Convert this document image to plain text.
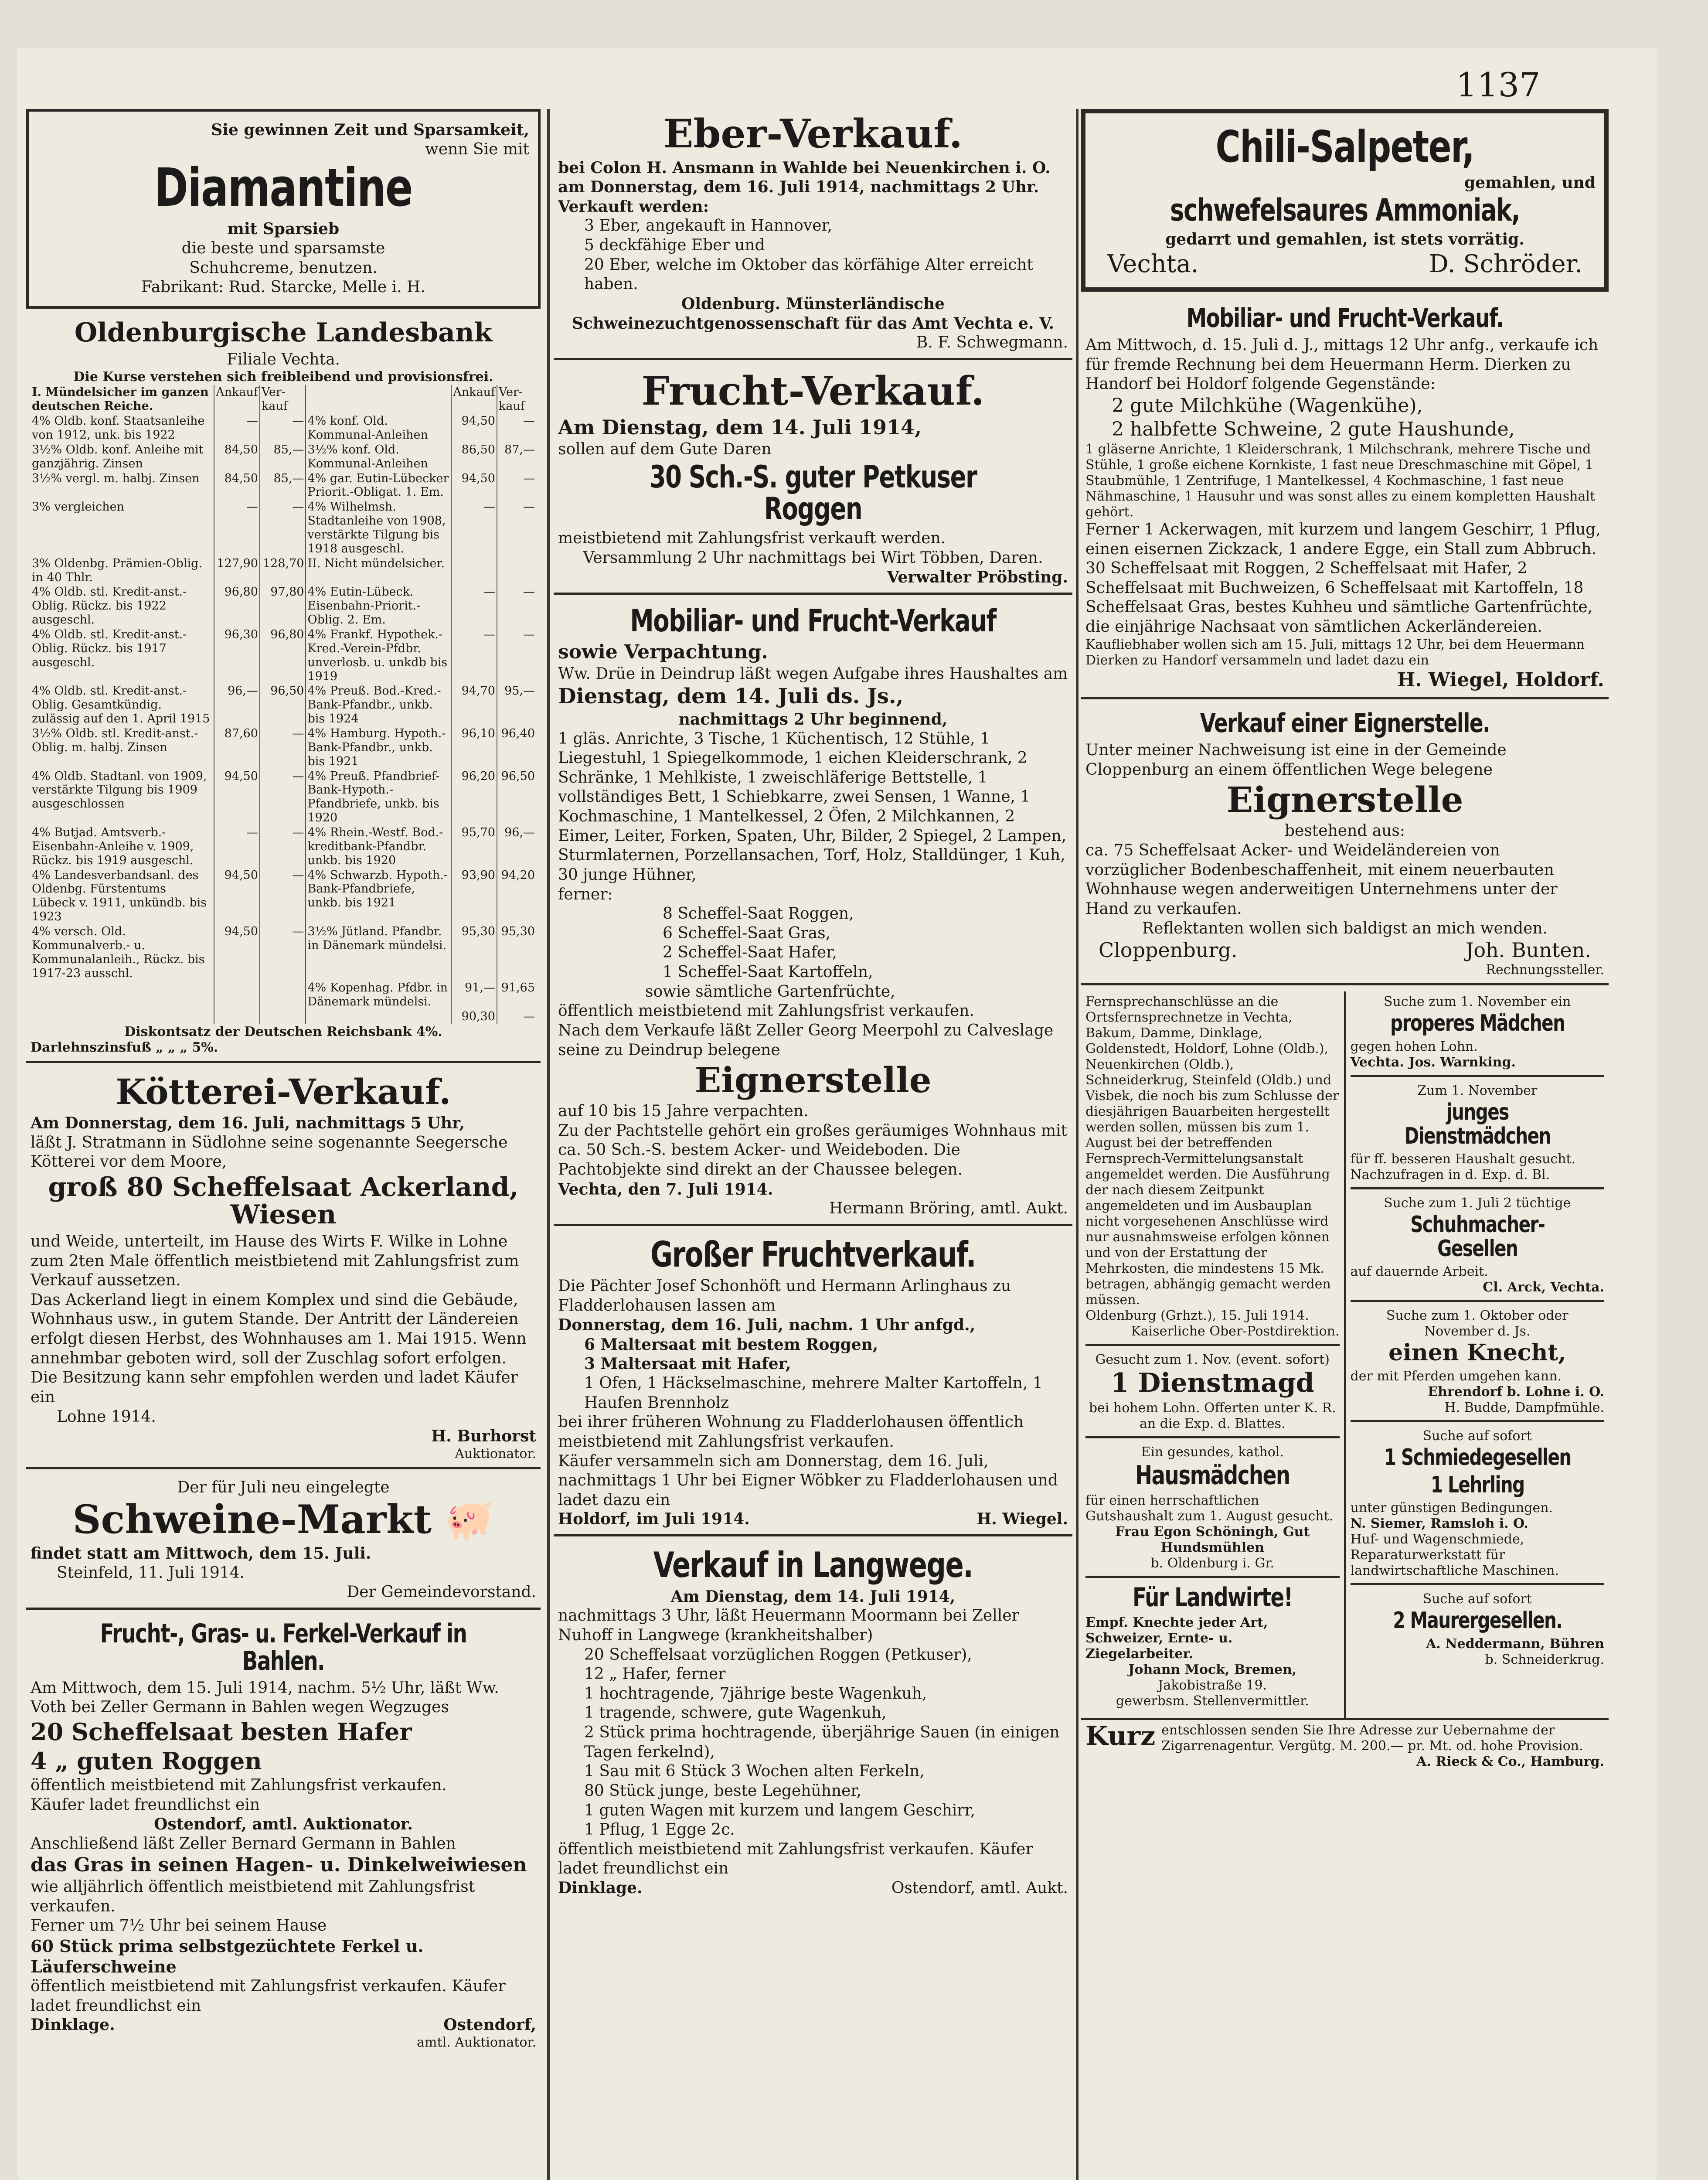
1137

Sie gewinnen Zeit und Sparsamkeit,

wenn Sie mit

Diamantine

mit Sparsieb

die beste und sparsamste

Schuhcreme, benutzen.

Fabrikant: Rud. Starcke, Melle i. H.

Oldenburgische Landesbank

Filiale Vechta.

Die Kurse verstehen sich freibleibend und provisionsfrei.

I. Mündelsicher im ganzen deutschen Reiche.	Ankauf	Ver-kauf		Ankauf	Ver-kauf
4% Oldb. konf. Staatsanleihe von 1912, unk. bis 1922	—	—	4% konf. Old. Kommunal-Anleihen	94,50	—
3½% Oldb. konf. Anleihe mit ganzjährig. Zinsen	84,50	85,—	3½% konf. Old. Kommunal-Anleihen	86,50	87,—
3½% vergl. m. halbj. Zinsen	84,50	85,—	4% gar. Eutin-Lübecker Priorit.-Obligat. 1. Em.	94,50	—
3% vergleichen	—	—	4% Wilhelmsh. Stadtanleihe von 1908, verstärkte Tilgung bis 1918 ausgeschl.	—	—
3% Oldenbg. Prämien-Oblig. in 40 Thlr.	127,90	128,70	II. Nicht mündelsicher.		
4% Oldb. stl. Kredit-anst.-Oblig. Rückz. bis 1922 ausgeschl.	96,80	97,80	4% Eutin-Lübeck. Eisenbahn-Priorit.-Oblig. 2. Em.	—	—
4% Oldb. stl. Kredit-anst.-Oblig. Rückz. bis 1917 ausgeschl.	96,30	96,80	4% Frankf. Hypothek.-Kred.-Verein-Pfdbr. unverlosb. u. unkdb bis 1919	—	—
4% Oldb. stl. Kredit-anst.-Oblig. Gesamtkündig. zulässig auf den 1. April 1915	96,—	96,50	4% Preuß. Bod.-Kred.-Bank-Pfandbr., unkb. bis 1924	94,70	95,—
3½% Oldb. stl. Kredit-anst.-Oblig. m. halbj. Zinsen	87,60	—	4% Hamburg. Hypoth.-Bank-Pfandbr., unkb. bis 1921	96,10	96,40
4% Oldb. Stadtanl. von 1909, verstärkte Tilgung bis 1909 ausgeschlossen	94,50	—	4% Preuß. Pfandbrief-Bank-Hypoth.-Pfandbriefe, unkb. bis 1920	96,20	96,50
4% Butjad. Amtsverb.-Eisenbahn-Anleihe v. 1909, Rückz. bis 1919 ausgeschl.	—	—	4% Rhein.-Westf. Bod.-kreditbank-Pfandbr. unkb. bis 1920	95,70	96,—
4% Landesverbandsanl. des Oldenbg. Fürstentums Lübeck v. 1911, unkündb. bis 1923	94,50	—	4% Schwarzb. Hypoth.-Bank-Pfandbriefe, unkb. bis 1921	93,90	94,20
4% versch. Old. Kommunalverb.- u. Kommunalanleih., Rückz. bis 1917-23 ausschl.	94,50	—	3½% Jütland. Pfandbr. in Dänemark mündelsi.	95,30	95,30
			4% Kopenhag. Pfdbr. in Dänemark mündelsi.	91,—	91,65
				90,30	—

Diskontsatz der Deutschen Reichsbank 4%.

Darlehnszinsfuß „ „ „ 5%.

Kötterei-Verkauf.

Am Donnerstag, dem 16. Juli, nachmittags 5 Uhr,

läßt J. Stratmann in Südlohne seine sogenannte Seegersche Kötterei vor dem Moore,

groß 80 Scheffelsaat Ackerland, Wiesen

und Weide, unterteilt, im Hause des Wirts F. Wilke in Lohne zum 2ten Male öffentlich meistbietend mit Zahlungsfrist zum Verkauf aussetzen.

Das Ackerland liegt in einem Komplex und sind die Gebäude, Wohnhaus usw., in gutem Stande. Der Antritt der Ländereien erfolgt diesen Herbst, des Wohnhauses am 1. Mai 1915. Wenn annehmbar geboten wird, soll der Zuschlag sofort erfolgen. Die Besitzung kann sehr empfohlen werden und ladet Käufer ein

Lohne 1914.

H. Burhorst

Auktionator.

Der für Juli neu eingelegte

Schweine-Markt 🐖

findet statt am Mittwoch, dem 15. Juli.

Steinfeld, 11. Juli 1914.

Der Gemeindevorstand.

Frucht-, Gras- u. Ferkel-Verkauf in Bahlen.

Am Mittwoch, dem 15. Juli 1914, nachm. 5½ Uhr, läßt Ww. Voth bei Zeller Germann in Bahlen wegen Wegzuges

20 Scheffelsaat besten Hafer

4 „ guten Roggen

öffentlich meistbietend mit Zahlungsfrist verkaufen.

Käufer ladet freundlichst ein

Ostendorf, amtl. Auktionator.

Anschließend läßt Zeller Bernard Germann in Bahlen

das Gras in seinen Hagen- u. Dinkelweiwiesen

wie alljährlich öffentlich meistbietend mit Zahlungsfrist verkaufen.

Ferner um 7½ Uhr bei seinem Hause

60 Stück prima selbstgezüchtete Ferkel u. Läuferschweine

öffentlich meistbietend mit Zahlungsfrist verkaufen. Käufer ladet freundlichst ein

Dinklage.	Ostendorf,

amtl. Auktionator.

Eber-Verkauf.

bei Colon H. Ansmann in Wahlde bei Neuenkirchen i. O. am Donnerstag, dem 16. Juli 1914, nachmittags 2 Uhr. Verkauft werden:

3 Eber, angekauft in Hannover,

5 deckfähige Eber und

20 Eber, welche im Oktober das körfähige Alter erreicht haben.

Oldenburg. Münsterländische Schweinezuchtgenossenschaft für das Amt Vechta e. V.

B. F. Schwegmann.

Frucht-Verkauf.

Am Dienstag, dem 14. Juli 1914,

sollen auf dem Gute Daren

30 Sch.-S. guter Petkuser Roggen

meistbietend mit Zahlungsfrist verkauft werden.

Versammlung 2 Uhr nachmittags bei Wirt Többen, Daren.

Verwalter Pröbsting.

Mobiliar- und Frucht-Verkauf

sowie Verpachtung.

Ww. Drüe in Deindrup läßt wegen Aufgabe ihres Haushaltes am

Dienstag, dem 14. Juli ds. Js.,

nachmittags 2 Uhr beginnend,

1 gläs. Anrichte, 3 Tische, 1 Küchentisch, 12 Stühle, 1 Liegestuhl, 1 Spiegelkommode, 1 eichen Kleiderschrank, 2 Schränke, 1 Mehlkiste, 1 zweischläferige Bettstelle, 1 vollständiges Bett, 1 Schiebkarre, zwei Sensen, 1 Wanne, 1 Kochmaschine, 1 Mantelkessel, 2 Öfen, 2 Milchkannen, 2 Eimer, Leiter, Forken, Spaten, Uhr, Bilder, 2 Spiegel, 2 Lampen, Sturmlaternen, Porzellansachen, Torf, Holz, Stalldünger, 1 Kuh, 30 junge Hühner,

ferner:

8 Scheffel-Saat Roggen,

6 Scheffel-Saat Gras,

2 Scheffel-Saat Hafer,

1 Scheffel-Saat Kartoffeln,

sowie sämtliche Gartenfrüchte,

öffentlich meistbietend mit Zahlungsfrist verkaufen.

Nach dem Verkaufe läßt Zeller Georg Meerpohl zu Calveslage seine zu Deindrup belegene

Eignerstelle

auf 10 bis 15 Jahre verpachten.

Zu der Pachtstelle gehört ein großes geräumiges Wohnhaus mit ca. 50 Sch.-S. bestem Acker- und Weideboden. Die Pachtobjekte sind direkt an der Chaussee belegen.

Vechta, den 7. Juli 1914.

Hermann Bröring, amtl. Aukt.

Großer Fruchtverkauf.

Die Pächter Josef Schonhöft und Hermann Arlinghaus zu Fladderlohausen lassen am

Donnerstag, dem 16. Juli, nachm. 1 Uhr anfgd.,

6 Maltersaat mit bestem Roggen,

3 Maltersaat mit Hafer,

1 Ofen, 1 Häckselmaschine, mehrere Malter Kartoffeln, 1 Haufen Brennholz

bei ihrer früheren Wohnung zu Fladderlohausen öffentlich meistbietend mit Zahlungsfrist verkaufen.

Käufer versammeln sich am Donnerstag, dem 16. Juli, nachmittags 1 Uhr bei Eigner Wöbker zu Fladderlohausen und ladet dazu ein

Holdorf, im Juli 1914.	H. Wiegel.
Verkauf in Langwege.

Am Dienstag, dem 14. Juli 1914,

nachmittags 3 Uhr, läßt Heuermann Moormann bei Zeller Nuhoff in Langwege (krankheitshalber)

20 Scheffelsaat vorzüglichen Roggen (Petkuser),

12 „ Hafer, ferner

1 hochtragende, 7jährige beste Wagenkuh,

1 tragende, schwere, gute Wagenkuh,

2 Stück prima hochtragende, überjährige Sauen (in einigen Tagen ferkelnd),

1 Sau mit 6 Stück 3 Wochen alten Ferkeln,

80 Stück junge, beste Legehühner,

1 guten Wagen mit kurzem und langem Geschirr,

1 Pflug, 1 Egge 2c.

öffentlich meistbietend mit Zahlungsfrist verkaufen. Käufer ladet freundlichst ein

Dinklage.	Ostendorf, amtl. Aukt.
Chili-Salpeter,

gemahlen, und

schwefelsaures Ammoniak,

gedarrt und gemahlen, ist stets vorrätig.

Vechta.	D. Schröder.
Mobiliar- und Frucht-Verkauf.

Am Mittwoch, d. 15. Juli d. J., mittags 12 Uhr anfg., verkaufe ich für fremde Rechnung bei dem Heuermann Herm. Dierken zu Handorf bei Holdorf folgende Gegenstände:

2 gute Milchkühe (Wagenkühe),

2 halbfette Schweine, 2 gute Haushunde,

1 gläserne Anrichte, 1 Kleiderschrank, 1 Milchschrank, mehrere Tische und Stühle, 1 große eichene Kornkiste, 1 fast neue Dreschmaschine mit Göpel, 1 Staubmühle, 1 Zentrifuge, 1 Mantelkessel, 4 Kochmaschine, 1 fast neue Nähmaschine, 1 Hausuhr und was sonst alles zu einem kompletten Haushalt gehört.

Ferner 1 Ackerwagen, mit kurzem und langem Geschirr, 1 Pflug, einen eisernen Zickzack, 1 andere Egge, ein Stall zum Abbruch. 30 Scheffelsaat mit Roggen, 2 Scheffelsaat mit Hafer, 2 Scheffelsaat mit Buchweizen, 6 Scheffelsaat mit Kartoffeln, 18 Scheffelsaat Gras, bestes Kuhheu und sämtliche Gartenfrüchte, die einjährige Nachsaat von sämtlichen Ackerländereien.

Kaufliebhaber wollen sich am 15. Juli, mittags 12 Uhr, bei dem Heuermann Dierken zu Handorf versammeln und ladet dazu ein

H. Wiegel, Holdorf.

Verkauf einer Eignerstelle.

Unter meiner Nachweisung ist eine in der Gemeinde Cloppenburg an einem öffentlichen Wege belegene

Eignerstelle

bestehend aus:

ca. 75 Scheffelsaat Acker- und Weideländereien von vorzüglicher Bodenbeschaffenheit, mit einem neuerbauten Wohnhause wegen anderweitigen Unternehmens unter der Hand zu verkaufen.

Reflektanten wollen sich baldigst an mich wenden.

Cloppenburg.	Joh. Bunten.

Rechnungssteller.

Fernsprechanschlüsse an die Ortsfernsprechnetze in Vechta, Bakum, Damme, Dinklage, Goldenstedt, Holdorf, Lohne (Oldb.), Neuenkirchen (Oldb.), Schneiderkrug, Steinfeld (Oldb.) und Visbek, die noch bis zum Schlusse der diesjährigen Bauarbeiten hergestellt werden sollen, müssen bis zum 1. August bei der betreffenden Fernsprech-Vermittelungsanstalt angemeldet werden. Die Ausführung der nach diesem Zeitpunkt angemeldeten und im Ausbauplan nicht vorgesehenen Anschlüsse wird nur ausnahmsweise erfolgen können und von der Erstattung der Mehrkosten, die mindestens 15 Mk. betragen, abhängig gemacht werden müssen.

Oldenburg (Grhzt.), 15. Juli 1914.

Kaiserliche Ober-Postdirektion.

Gesucht zum 1. Nov. (event. sofort)

1 Dienstmagd

bei hohem Lohn. Offerten unter K. R. an die Exp. d. Blattes.

Ein gesundes, kathol.

Hausmädchen

für einen herrschaftlichen Gutshaushalt zum 1. August gesucht.

Frau Egon Schöningh, Gut Hundsmühlen

b. Oldenburg i. Gr.

Für Landwirte!

Empf. Knechte jeder Art, Schweizer, Ernte- u. Ziegelarbeiter.

Johann Mock, Bremen,

Jakobistraße 19.

gewerbsm. Stellenvermittler.

Suche zum 1. November ein

properes Mädchen

gegen hohen Lohn.

Vechta. Jos. Warnking.

Zum 1. November

junges Dienstmädchen

für ff. besseren Haushalt gesucht. Nachzufragen in d. Exp. d. Bl.

Suche zum 1. Juli 2 tüchtige

Schuhmacher-Gesellen

auf dauernde Arbeit.

Cl. Arck, Vechta.

Suche zum 1. Oktober oder November d. Js.

einen Knecht,

der mit Pferden umgehen kann.

Ehrendorf b. Lohne i. O.

H. Budde, Dampfmühle.

Suche auf sofort

1 Schmiedegesellen
1 Lehrling

unter günstigen Bedingungen.

N. Siemer, Ramsloh i. O.

Huf- und Wagenschmiede, Reparaturwerkstatt für landwirtschaftliche Maschinen.

Suche auf sofort

2 Maurergesellen.

A. Neddermann, Bühren

b. Schneiderkrug.

Kurz entschlossen senden Sie Ihre Adresse zur Uebernahme der Zigarrenagentur. Vergütg. M. 200.— pr. Mt. od. hohe Provision.

A. Rieck & Co., Hamburg.
